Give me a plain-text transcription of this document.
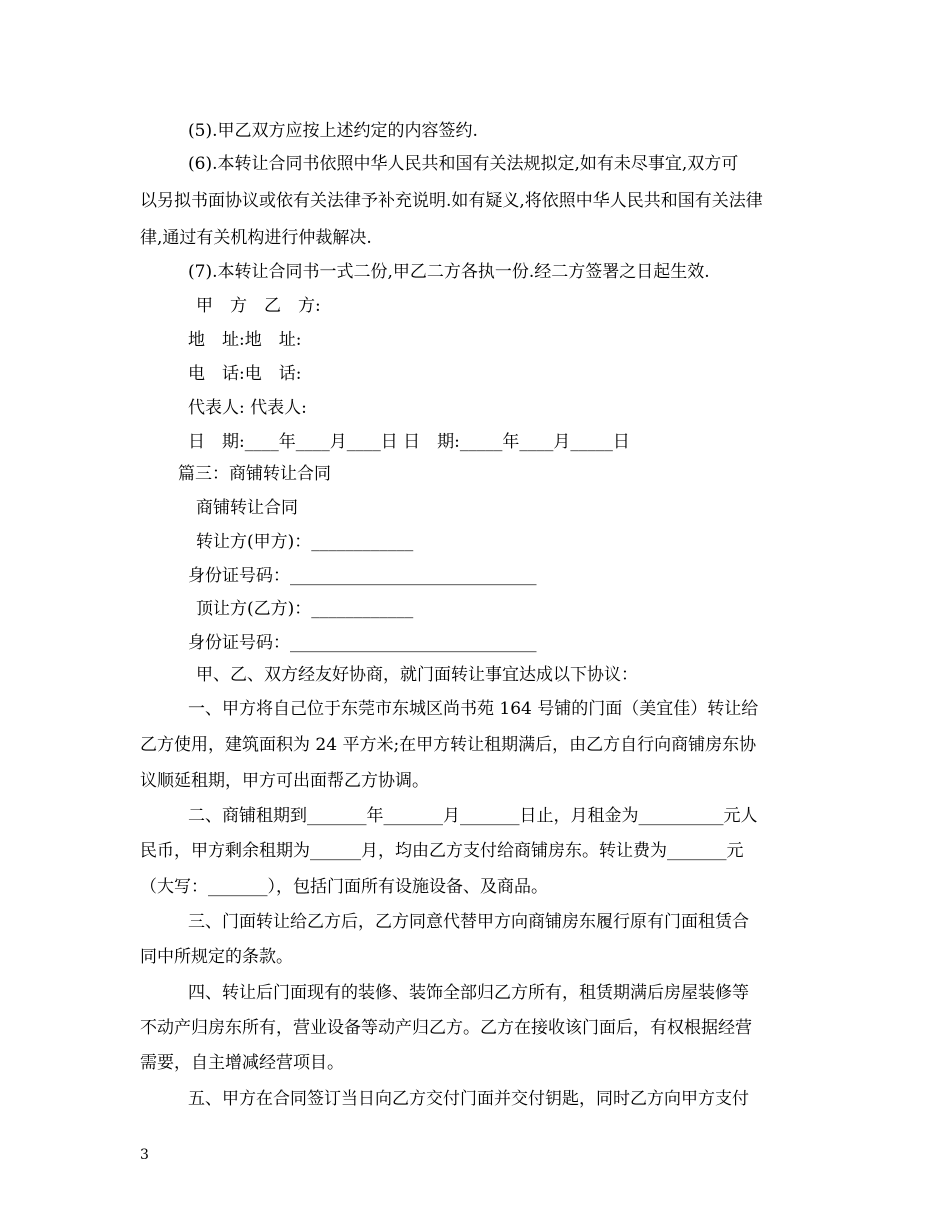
(5).甲乙双方应按上述约定的内容签约.
(6).本转让合同书依照中华人民共和国有关法规拟定,如有未尽事宜,双方可
以另拟书面协议或依有关法律予补充说明.如有疑义,将依照中华人民共和国有关法律
律,通过有关机构进行仲裁解决.
(7).本转让合同书一式二份,甲乙二方各执一份.经二方签署之日起生效.
甲　方　乙　方:
地　址:地　址:
电　话:电　话:
代表人: 代表人:
日　期:____年____月____日 日　期:_____年____月_____日
篇三：商铺转让合同
商铺转让合同
转让方(甲方)：____________
身份证号码：_____________________________
顶让方(乙方)：____________
身份证号码：_____________________________
甲、乙、双方经友好协商，就门面转让事宜达成以下协议：
一、甲方将自己位于东莞市东城区尚书苑 164 号铺的门面（美宜佳）转让给
乙方使用，建筑面积为 24 平方米;在甲方转让租期满后，由乙方自行向商铺房东协
议顺延租期，甲方可出面帮乙方协调。
二、商铺租期到_______年_______月_______日止，月租金为__________元人
民币，甲方剩余租期为______月，均由乙方支付给商铺房东。转让费为_______元
（大写：_______），包括门面所有设施设备、及商品。
三、门面转让给乙方后，乙方同意代替甲方向商铺房东履行原有门面租赁合
同中所规定的条款。
四、转让后门面现有的装修、装饰全部归乙方所有，租赁期满后房屋装修等
不动产归房东所有，营业设备等动产归乙方。乙方在接收该门面后，有权根据经营
需要，自主增减经营项目。
五、甲方在合同签订当日向乙方交付门面并交付钥匙，同时乙方向甲方支付
3
